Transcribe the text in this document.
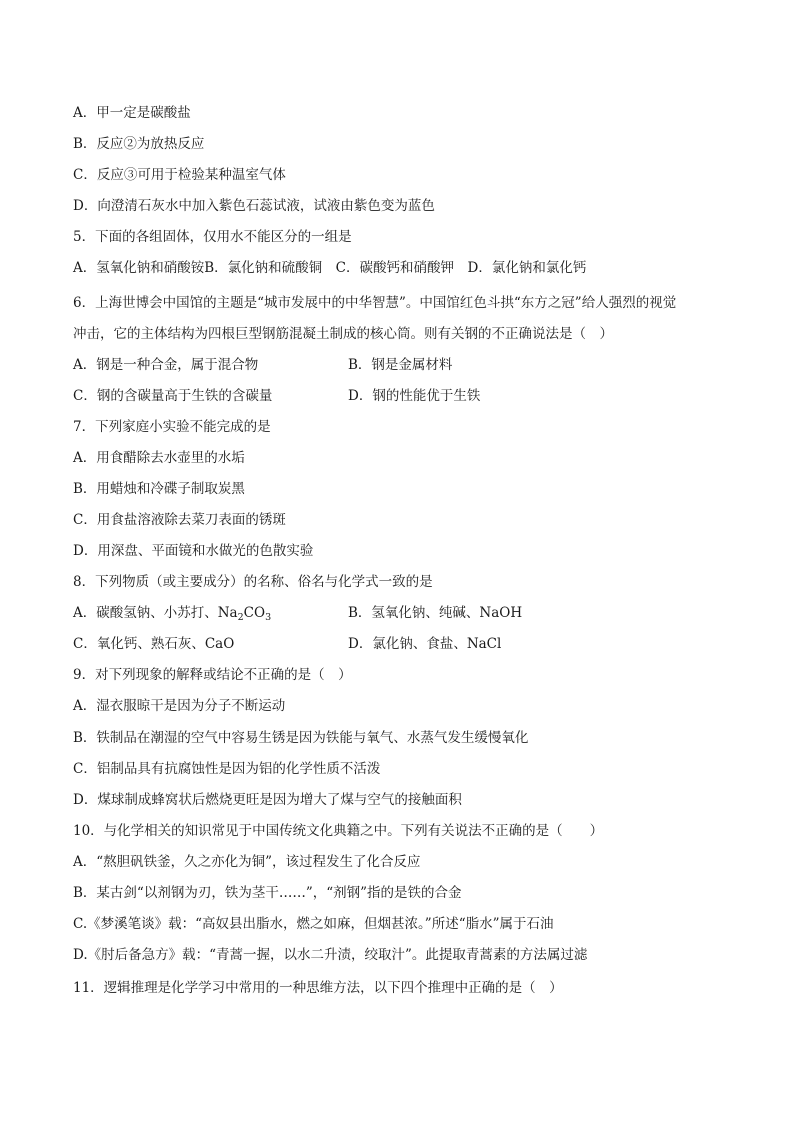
A．甲一定是碳酸盐
B．反应②为放热反应
C．反应③可用于检验某种温室气体
D．向澄清石灰水中加入紫色石蕊试液，试液由紫色变为蓝色
5．下面的各组固体，仅用水不能区分的一组是
A．氢氧化钠和硝酸铵B．氯化钠和硫酸铜　C．碳酸钙和硝酸钾　D．氯化钠和氯化钙
6．上海世博会中国馆的主题是“城市发展中的中华智慧”。中国馆红色斗拱“东方之冠”给人强烈的视觉
冲击，它的主体结构为四根巨型钢筋混凝土制成的核心筒。则有关钢的不正确说法是（　）
A．钢是一种合金，属于混合物	B．钢是金属材料
C．钢的含碳量高于生铁的含碳量	D．钢的性能优于生铁
7．下列家庭小实验不能完成的是
A．用食醋除去水壶里的水垢
B．用蜡烛和冷碟子制取炭黑
C．用食盐溶液除去菜刀表面的锈斑
D．用深盘、平面镜和水做光的色散实验
8．下列物质（或主要成分）的名称、俗名与化学式一致的是
A．碳酸氢钠、小苏打、$Na_2CO_3$	B．氢氧化钠、纯碱、NaOH
C．氧化钙、熟石灰、CaO	D．氯化钠、食盐、NaCl
9．对下列现象的解释或结论不正确的是（　）
A．湿衣服晾干是因为分子不断运动
B．铁制品在潮湿的空气中容易生锈是因为铁能与氧气、水蒸气发生缓慢氧化
C．铝制品具有抗腐蚀性是因为铝的化学性质不活泼
D．煤球制成蜂窝状后燃烧更旺是因为增大了煤与空气的接触面积
10．与化学相关的知识常见于中国传统文化典籍之中。下列有关说法不正确的是（　　）
A．“熬胆矾铁釜，久之亦化为铜”，该过程发生了化合反应
B．某古剑“以剂钢为刃，铁为茎干……”，“剂钢”指的是铁的合金
C.《梦溪笔谈》载：“高奴县出脂水，燃之如麻，但烟甚浓。”所述“脂水”属于石油
D.《肘后备急方》载：“青蒿一握，以水二升渍，绞取汁”。此提取青蒿素的方法属过滤
11．逻辑推理是化学学习中常用的一种思维方法，以下四个推理中正确的是（　）
